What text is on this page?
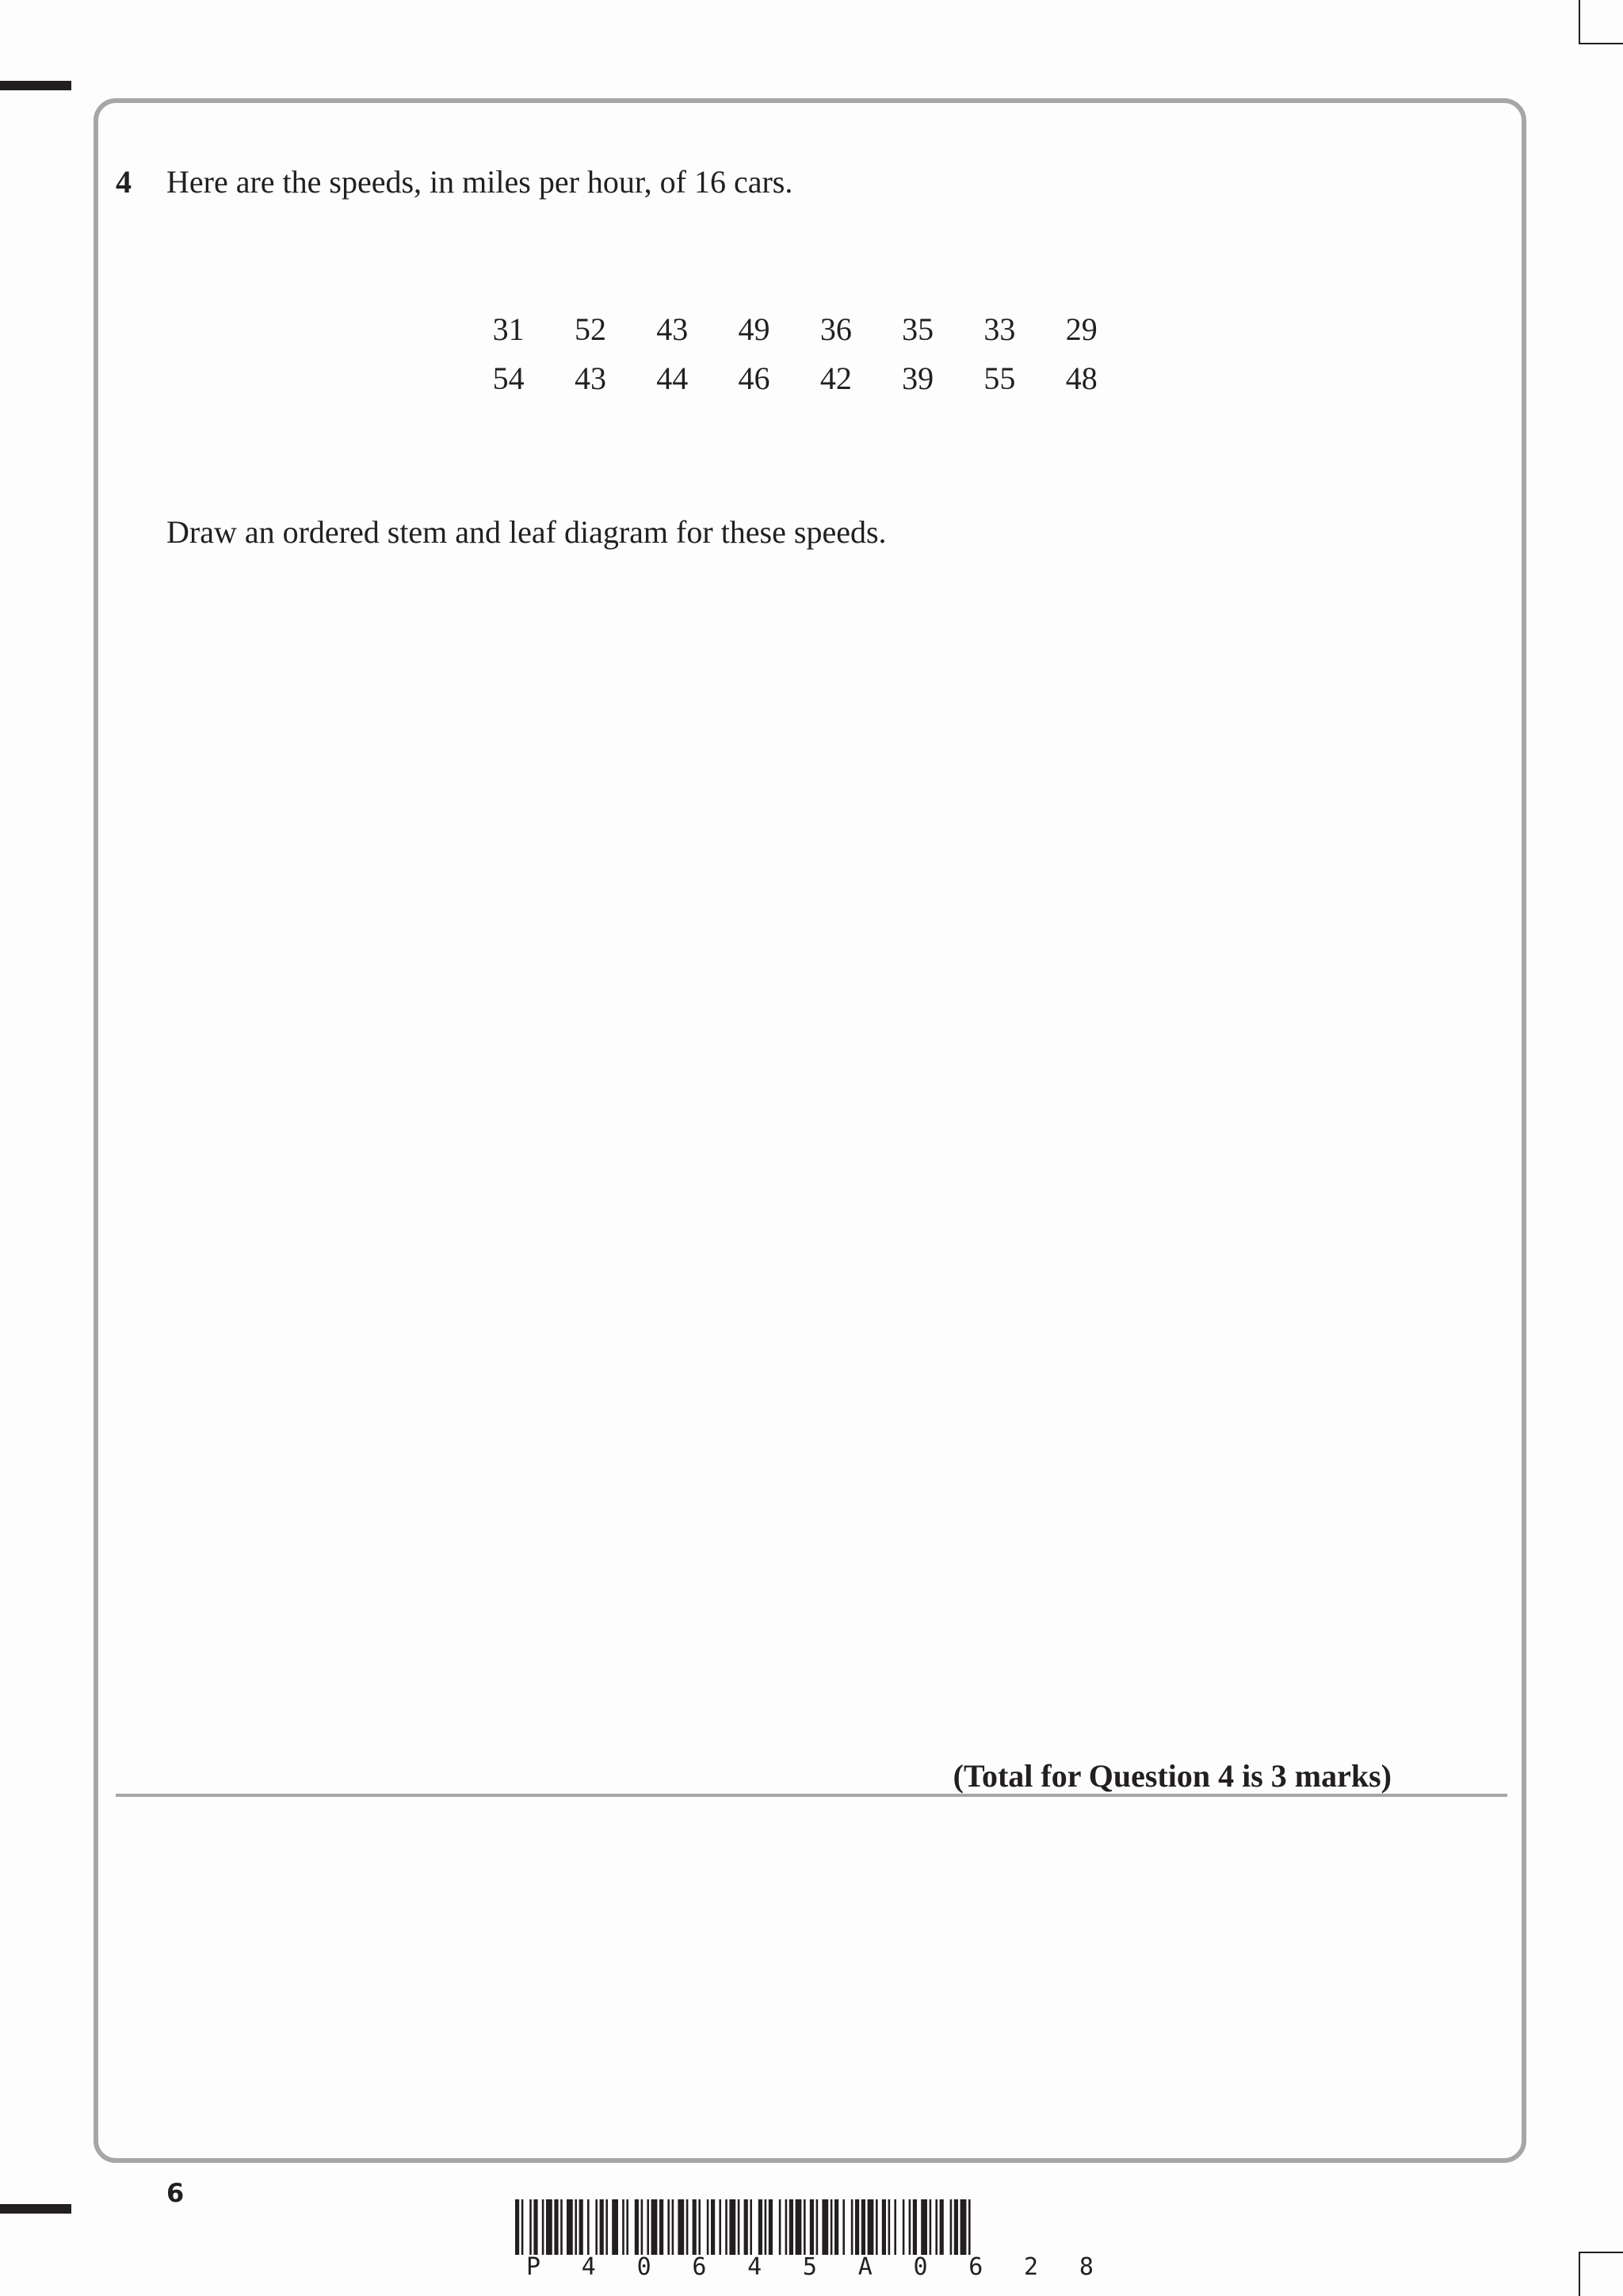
4 Here are the speeds, in miles per hour, of 16 cars.
31	52	43	49	36	35	33	29
54	43	44	46	42	39	55	48
Draw an ordered stem and leaf diagram for these speeds.
(Total for Question 4 is 3 marks)
6
P 4 0 6 4 5 A 0 6 2 8
